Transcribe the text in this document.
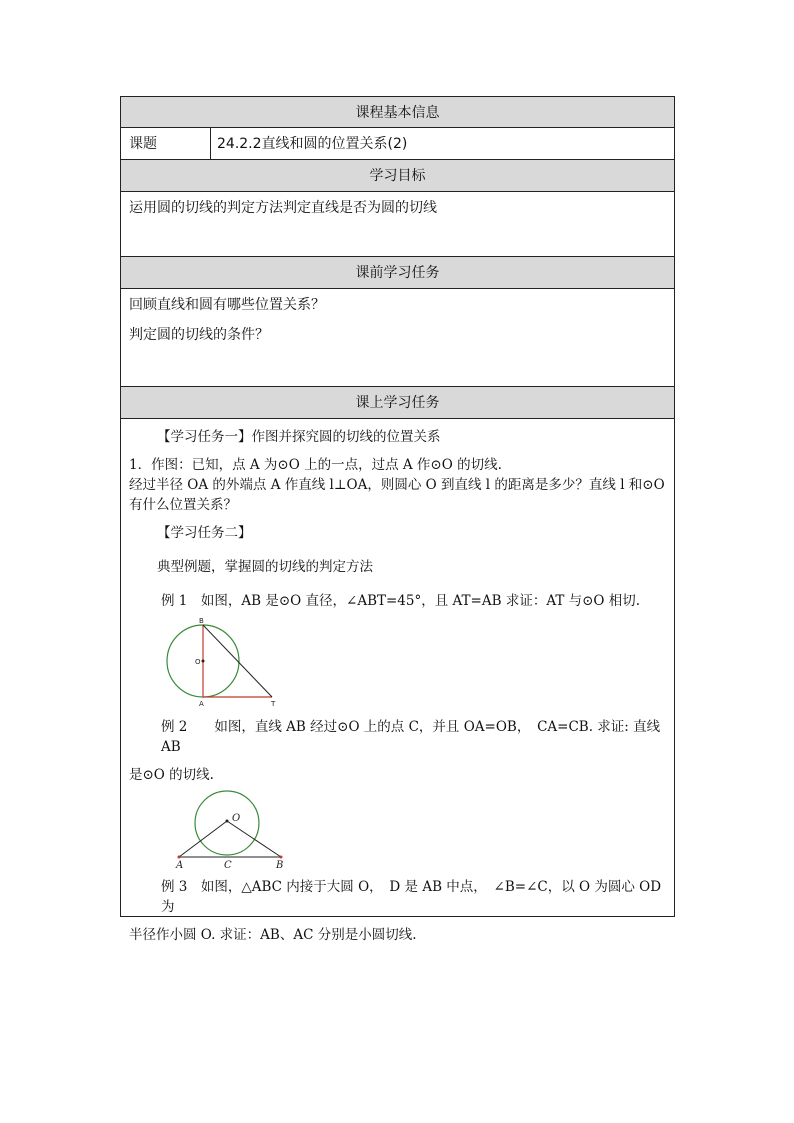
课程基本信息
课题	24.2.2直线和圆的位置关系(2)
学习目标

运用圆的切线的判定方法判定直线是否为圆的切线

课前学习任务

回顾直线和圆有哪些位置关系？

判定圆的切线的条件？

课上学习任务

【学习任务一】作图并探究圆的切线的位置关系

1．作图：已知，点 A 为⊙O 上的一点，过点 A 作⊙O 的切线.

经过半径 OA 的外端点 A 作直线 l⊥OA，则圆心 O 到直线 l 的距离是多少？直线 l 和⊙O

有什么位置关系？

【学习任务二】

典型例题，掌握圆的切线的判定方法

例 1　如图，AB 是⊙O 直径，∠ABT=45°，且 AT=AB 求证：AT 与⊙O 相切.

B
O
A	T

例 2　　如图，直线 AB 经过⊙O 上的点 C，并且 OA=OB，　CA=CB. 求证: 直线 AB

是⊙O 的切线.

O
A	C	B

例 3　如图，△ABC 内接于大圆 O，　D 是 AB 中点，　∠B=∠C，以 O 为圆心 OD 为

半径作小圆 O. 求证：AB、AC 分别是小圆切线.
